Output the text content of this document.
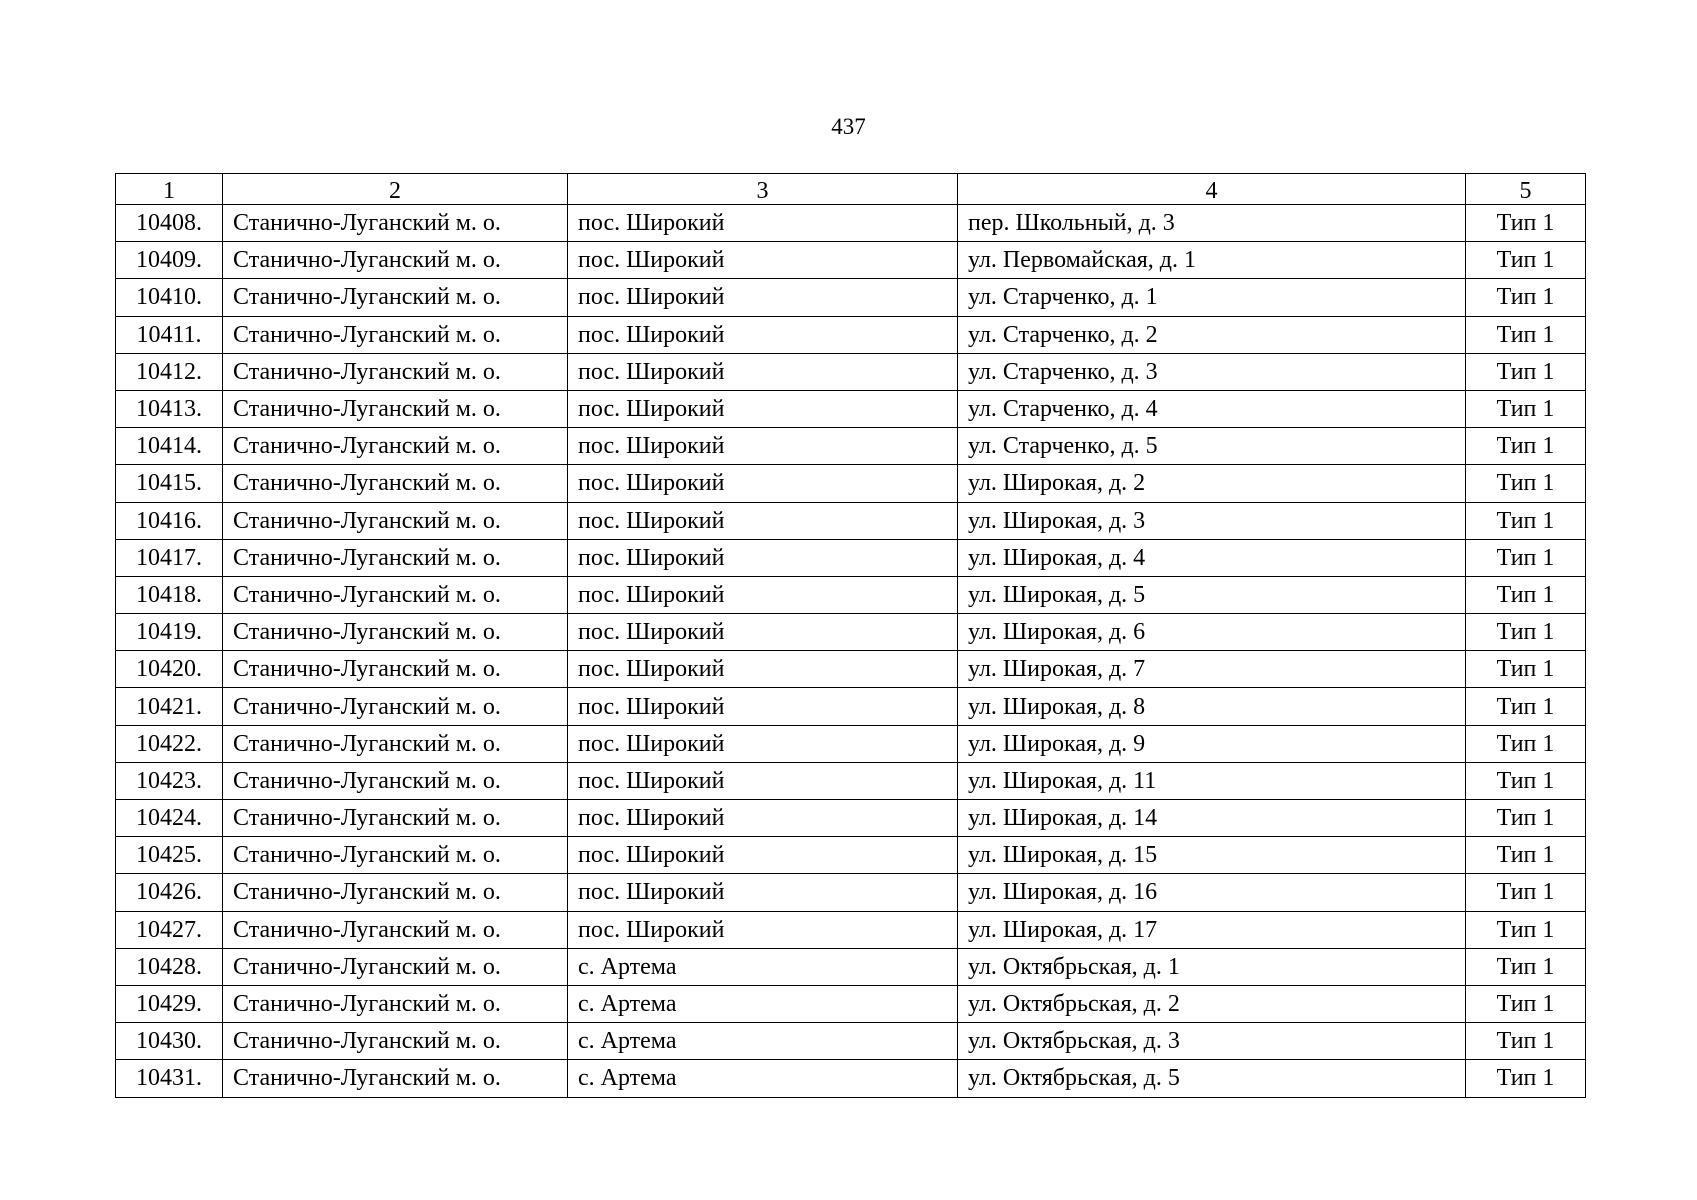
437
1	2	3	4	5
10408.	Станично-Луганский м. о.	пос. Широкий	пер. Школьный, д. 3	Тип 1
10409.	Станично-Луганский м. о.	пос. Широкий	ул. Первомайская, д. 1	Тип 1
10410.	Станично-Луганский м. о.	пос. Широкий	ул. Старченко, д. 1	Тип 1
10411.	Станично-Луганский м. о.	пос. Широкий	ул. Старченко, д. 2	Тип 1
10412.	Станично-Луганский м. о.	пос. Широкий	ул. Старченко, д. 3	Тип 1
10413.	Станично-Луганский м. о.	пос. Широкий	ул. Старченко, д. 4	Тип 1
10414.	Станично-Луганский м. о.	пос. Широкий	ул. Старченко, д. 5	Тип 1
10415.	Станично-Луганский м. о.	пос. Широкий	ул. Широкая, д. 2	Тип 1
10416.	Станично-Луганский м. о.	пос. Широкий	ул. Широкая, д. 3	Тип 1
10417.	Станично-Луганский м. о.	пос. Широкий	ул. Широкая, д. 4	Тип 1
10418.	Станично-Луганский м. о.	пос. Широкий	ул. Широкая, д. 5	Тип 1
10419.	Станично-Луганский м. о.	пос. Широкий	ул. Широкая, д. 6	Тип 1
10420.	Станично-Луганский м. о.	пос. Широкий	ул. Широкая, д. 7	Тип 1
10421.	Станично-Луганский м. о.	пос. Широкий	ул. Широкая, д. 8	Тип 1
10422.	Станично-Луганский м. о.	пос. Широкий	ул. Широкая, д. 9	Тип 1
10423.	Станично-Луганский м. о.	пос. Широкий	ул. Широкая, д. 11	Тип 1
10424.	Станично-Луганский м. о.	пос. Широкий	ул. Широкая, д. 14	Тип 1
10425.	Станично-Луганский м. о.	пос. Широкий	ул. Широкая, д. 15	Тип 1
10426.	Станично-Луганский м. о.	пос. Широкий	ул. Широкая, д. 16	Тип 1
10427.	Станично-Луганский м. о.	пос. Широкий	ул. Широкая, д. 17	Тип 1
10428.	Станично-Луганский м. о.	с. Артема	ул. Октябрьская, д. 1	Тип 1
10429.	Станично-Луганский м. о.	с. Артема	ул. Октябрьская, д. 2	Тип 1
10430.	Станично-Луганский м. о.	с. Артема	ул. Октябрьская, д. 3	Тип 1
10431.	Станично-Луганский м. о.	с. Артема	ул. Октябрьская, д. 5	Тип 1
